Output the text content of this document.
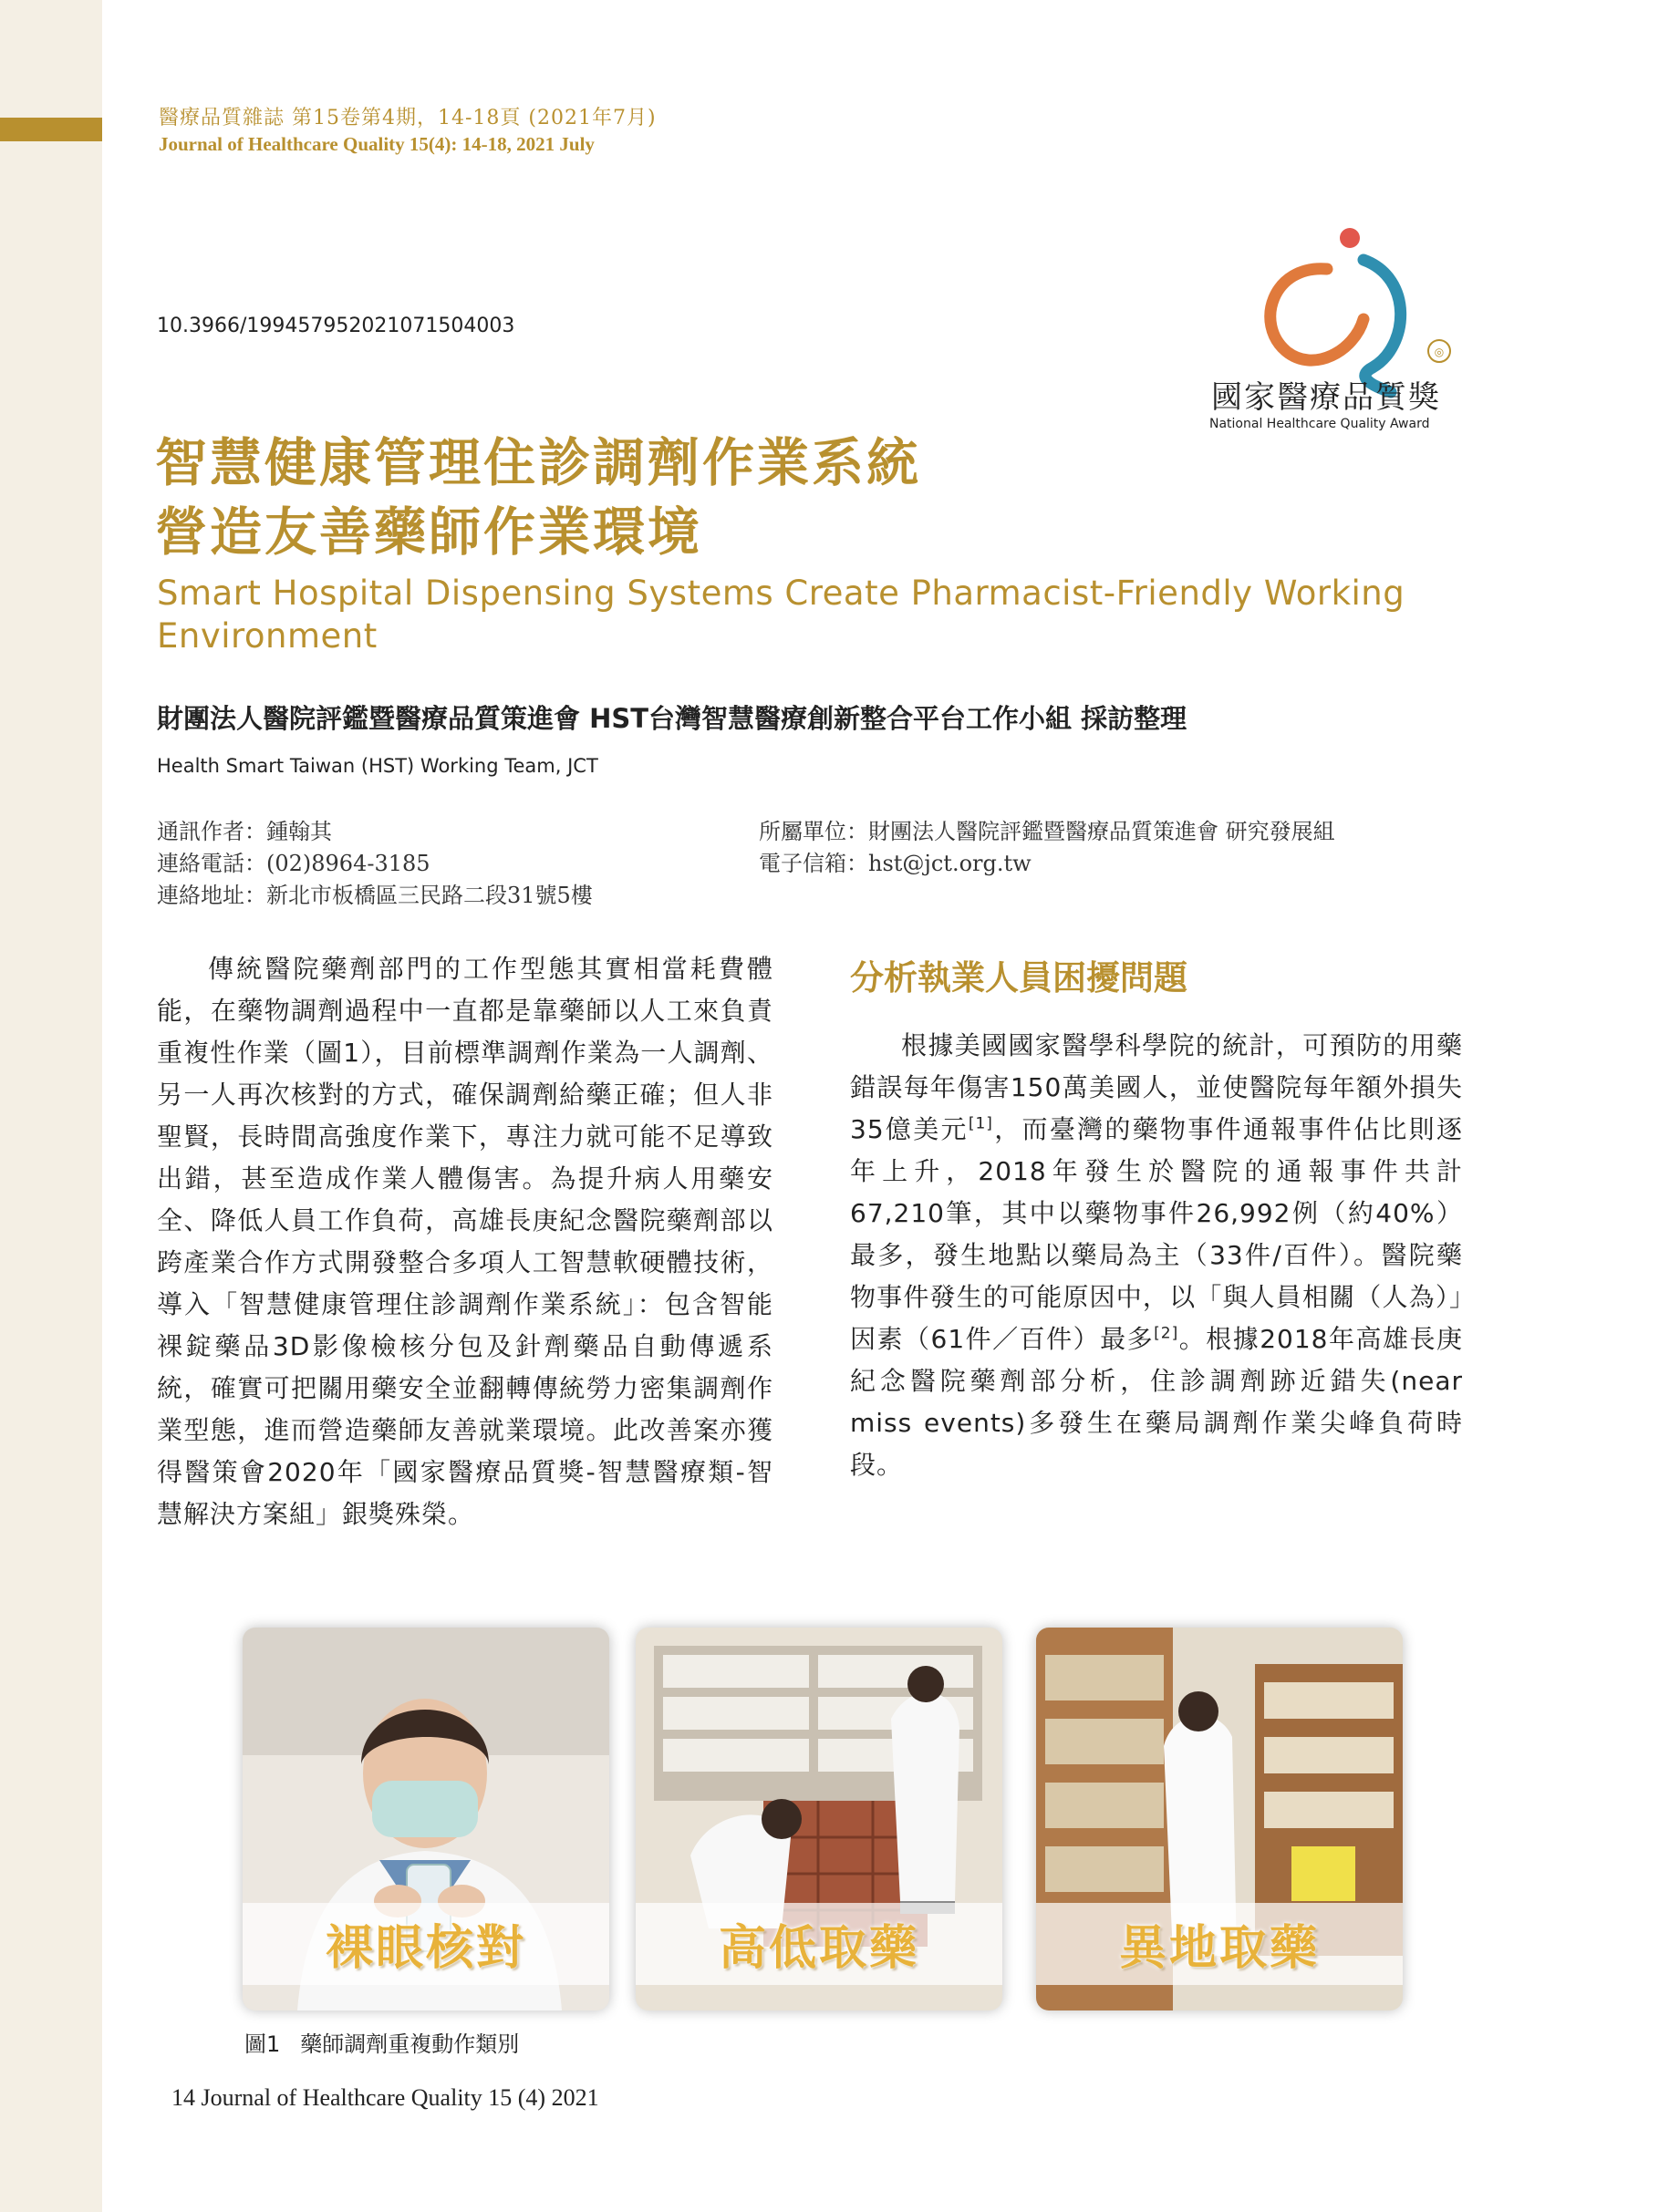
醫療品質雜誌 第15卷第4期，14-18頁 (2021年7月)
Journal of Healthcare Quality 15(4): 14-18, 2021 July
10.3966/199457952021071504003
◎
國家醫療品質獎
National Healthcare Quality Award
智慧健康管理住診調劑作業系統
營造友善藥師作業環境
Smart Hospital Dispensing Systems Create Pharmacist-Friendly Working Environment
財團法人醫院評鑑暨醫療品質策進會 HST台灣智慧醫療創新整合平台工作小組 採訪整理
Health Smart Taiwan (HST) Working Team, JCT
通訊作者：鍾翰其
連絡電話：(02)8964-3185
連絡地址：新北市板橋區三民路二段31號5樓
所屬單位：財團法人醫院評鑑暨醫療品質策進會 研究發展組
電子信箱：hst@jct.org.tw
傳統醫院藥劑部門的工作型態其實相當耗費體能，在藥物調劑過程中一直都是靠藥師以人工來負責重複性作業（圖1），目前標準調劑作業為一人調劑、另一人再次核對的方式，確保調劑給藥正確；但人非聖賢，長時間高強度作業下，專注力就可能不足導致出錯，甚至造成作業人體傷害。為提升病人用藥安全、降低人員工作負荷，高雄長庚紀念醫院藥劑部以跨產業合作方式開發整合多項人工智慧軟硬體技術，導入「智慧健康管理住診調劑作業系統」：包含智能裸錠藥品3D影像檢核分包及針劑藥品自動傳遞系統，確實可把關用藥安全並翻轉傳統勞力密集調劑作業型態，進而營造藥師友善就業環境。此改善案亦獲得醫策會2020年「國家醫療品質獎-智慧醫療類-智慧解決方案組」銀獎殊榮。
分析執業人員困擾問題
根據美國國家醫學科學院的統計，可預防的用藥錯誤每年傷害150萬美國人，並使醫院每年額外損失35億美元[1]，而臺灣的藥物事件通報事件佔比則逐年上升，2018年發生於醫院的通報事件共計67,210筆，其中以藥物事件26,992例（約40%）最多，發生地點以藥局為主（33件/百件）。醫院藥物事件發生的可能原因中，以「與人員相關（人為）」因素（61件／百件）最多[2]。根據2018年高雄長庚紀念醫院藥劑部分析，住診調劑跡近錯失(near miss events)多發生在藥局調劑作業尖峰負荷時段。
裸眼核對	高低取藥	異地取藥
圖1 藥師調劑重複動作類別
14 Journal of Healthcare Quality 15 (4) 2021
